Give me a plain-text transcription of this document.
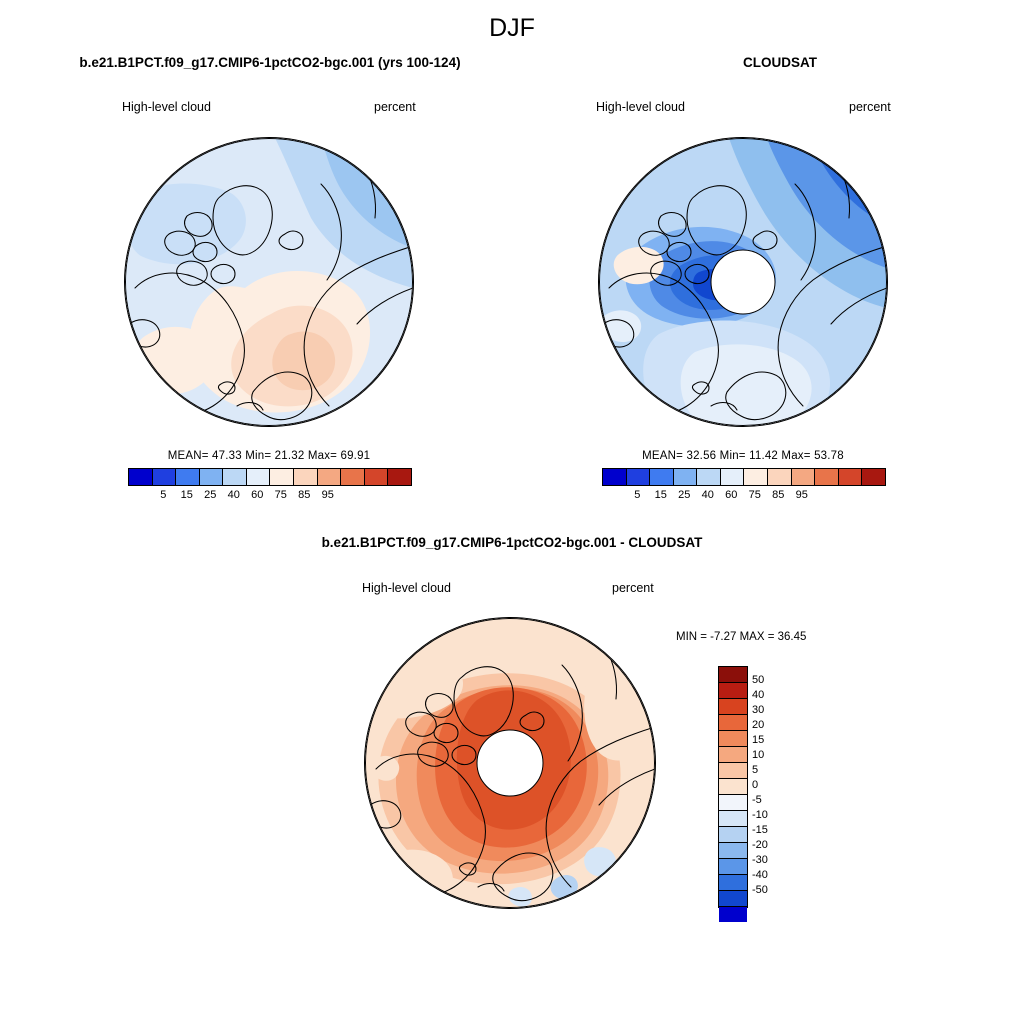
DJF
b.e21.B1PCT.f09_g17.CMIP6-1pctCO2-bgc.001 (yrs 100-124)
High-level cloud	percent
MEAN= 47.33 Min= 21.32 Max= 69.91
5	15	25	40	60	75	85	95
CLOUDSAT
High-level cloud	percent
MEAN= 32.56 Min= 11.42 Max= 53.78
5	15	25	40	60	75	85	95
b.e21.B1PCT.f09_g17.CMIP6-1pctCO2-bgc.001 - CLOUDSAT
High-level cloud	percent
MIN = -7.27 MAX = 36.45
50
40
30
20
15
10
5
0
-5
-10
-15
-20
-30
-40
-50
